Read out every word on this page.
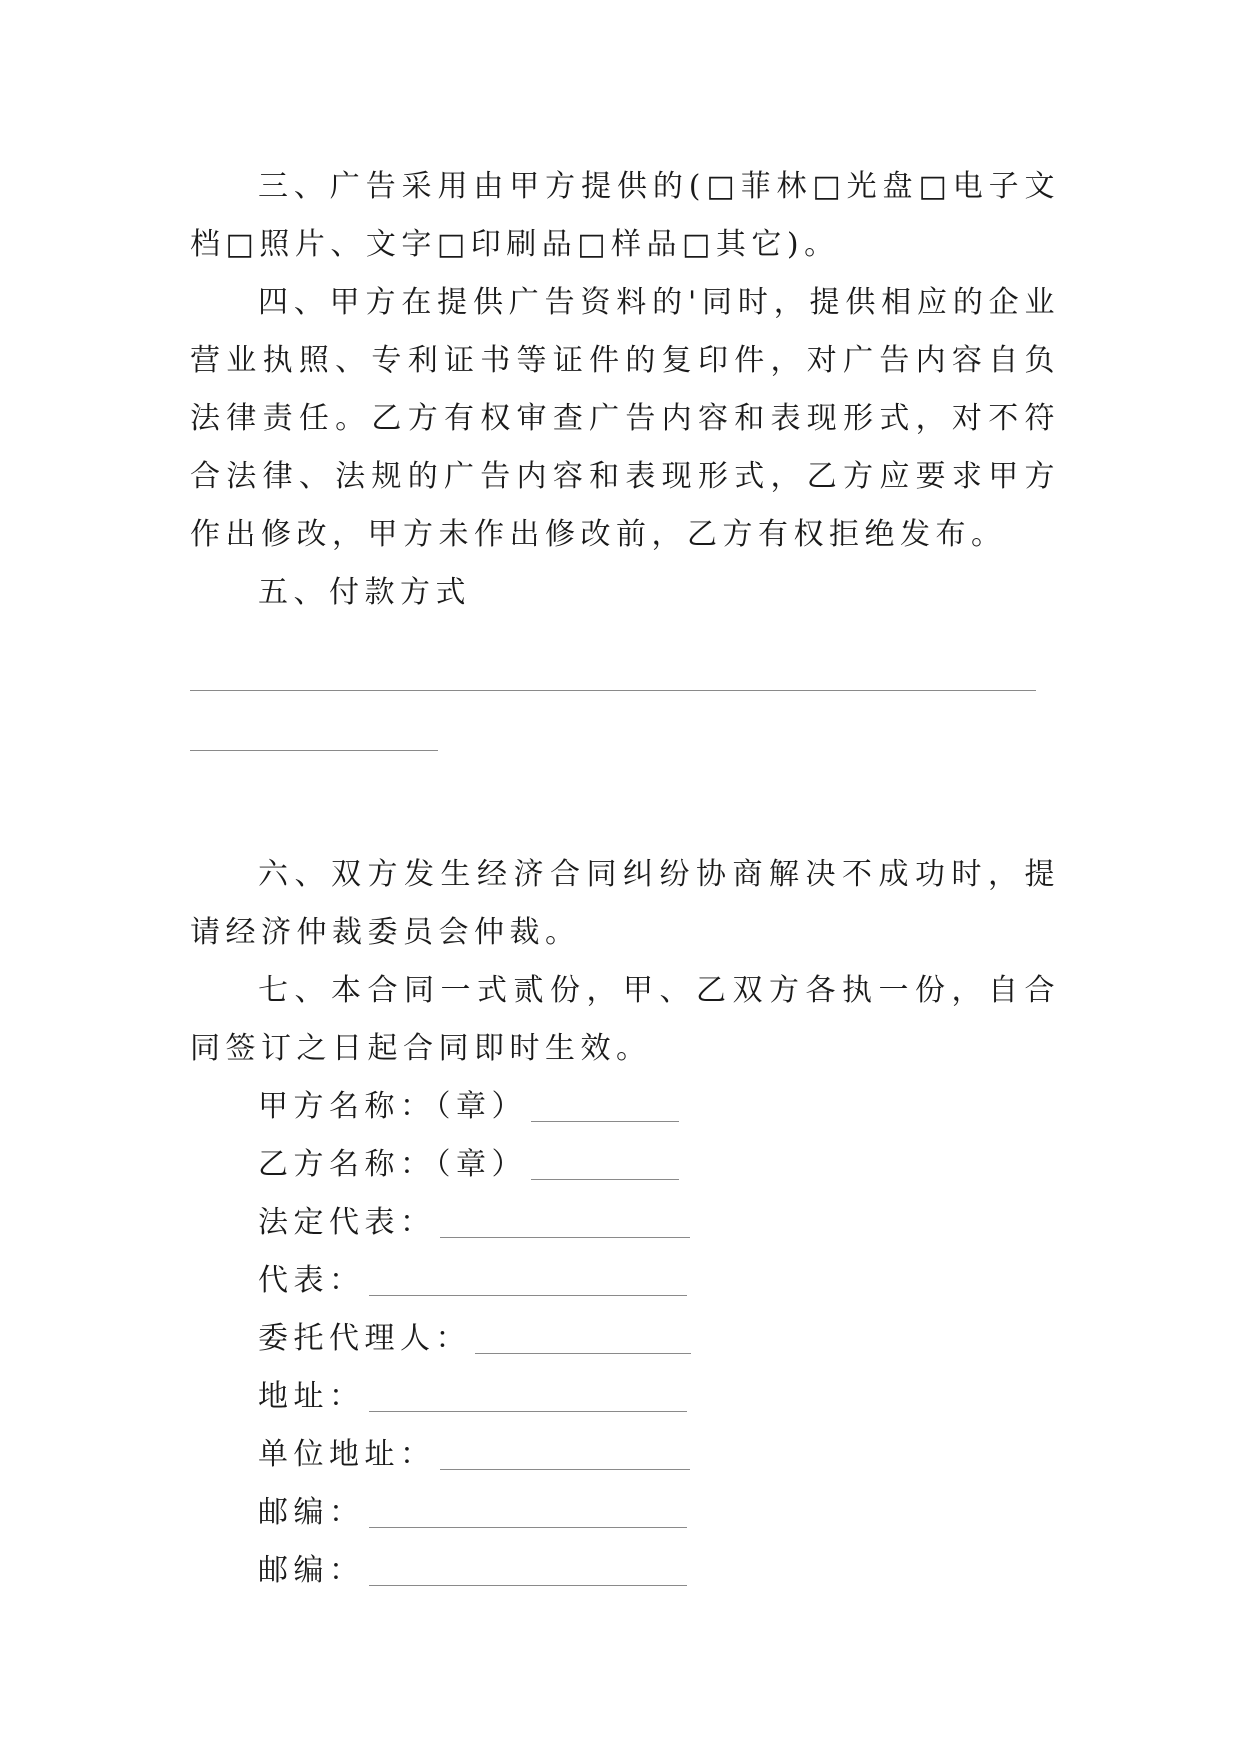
三、广告采用由甲方提供的(□菲林□光盘□电子文档□照片、文字□印刷品□样品□其它)。

四、甲方在提供广告资料的'同时，提供相应的企业营业执照、专利证书等证件的复印件，对广告内容自负法律责任。乙方有权审查广告内容和表现形式，对不符合法律、法规的广告内容和表现形式，乙方应要求甲方作出修改，甲方未作出修改前，乙方有权拒绝发布。

五、付款方式

六、双方发生经济合同纠纷协商解决不成功时，提请经济仲裁委员会仲裁。

七、本合同一式贰份，甲、乙双方各执一份，自合同签订之日起合同即时生效。

甲方名称：（章）
乙方名称：（章）
法定代表：
代表：
委托代理人：
地址：
单位地址：
邮编：
邮编：
